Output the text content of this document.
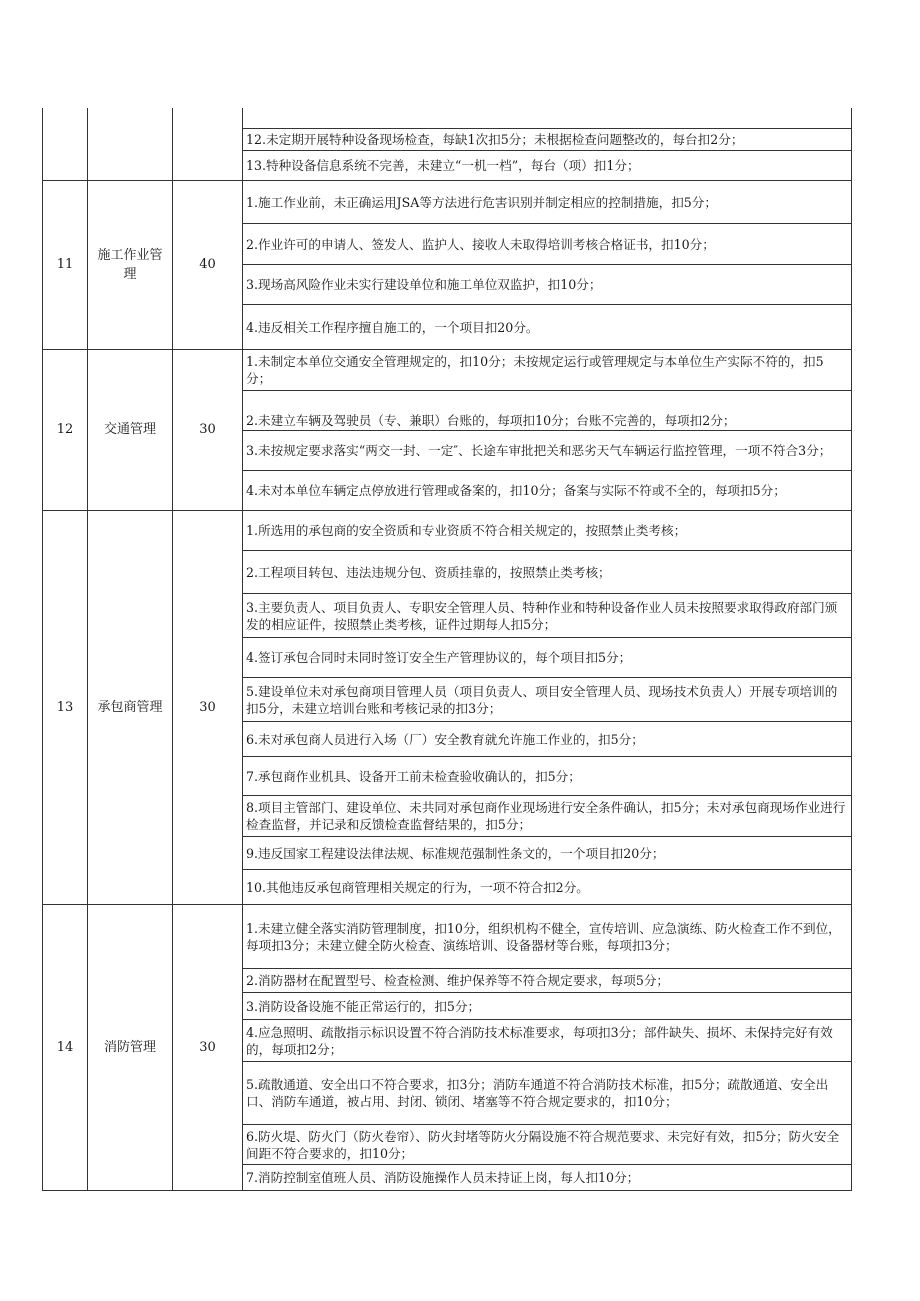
			12.未定期开展特种设备现场检查，每缺1次扣5分；未根据检查问题整改的，每台扣2分；
			13.特种设备信息系统不完善，未建立“一机一档”，每台（项）扣1分；
11	施工作业管理	40	1.施工作业前，未正确运用JSA等方法进行危害识别并制定相应的控制措施，扣5分；
			2.作业许可的申请人、签发人、监护人、接收人未取得培训考核合格证书，扣10分；
			3.现场高风险作业未实行建设单位和施工单位双监护，扣10分；
			4.违反相关工作程序擅自施工的，一个项目扣20分。
12	交通管理	30	1.未制定本单位交通安全管理规定的，扣10分；未按规定运行或管理规定与本单位生产实际不符的，扣5分；
			2.未建立车辆及驾驶员（专、兼职）台账的，每项扣10分；台账不完善的，每项扣2分；
			3.未按规定要求落实“两交一封、一定″、长途车审批把关和恶劣天气车辆运行监控管理，一项不符合3分；
			4.未对本单位车辆定点停放进行管理或备案的，扣10分；备案与实际不符或不全的，每项扣5分；
13	承包商管理	30	1.所选用的承包商的安全资质和专业资质不符合相关规定的，按照禁止类考核；
			2.工程项目转包、违法违规分包、资质挂靠的，按照禁止类考核；
			3.主要负责人、项目负责人、专职安全管理人员、特种作业和特种设备作业人员未按照要求取得政府部门颁发的相应证件，按照禁止类考核，证件过期每人扣5分；
			4.签订承包合同时未同时签订安全生产管理协议的，每个项目扣5分；
			5.建设单位未对承包商项目管理人员（项目负责人、项目安全管理人员、现场技术负责人）开展专项培训的扣5分，未建立培训台账和考核记录的扣3分；
			6.未对承包商人员进行入场（厂）安全教育就允许施工作业的，扣5分；
			7.承包商作业机具、设备开工前未检查验收确认的，扣5分；
			8.项目主管部门、建设单位、未共同对承包商作业现场进行安全条件确认，扣5分；未对承包商现场作业进行检查监督，并记录和反馈检查监督结果的，扣5分；
			9.违反国家工程建设法律法规、标准规范强制性条文的，一个项目扣20分；
			10.其他违反承包商管理相关规定的行为，一项不符合扣2分。
14	消防管理	30	1.未建立健全落实消防管理制度，扣10分，组织机构不健全，宣传培训、应急演练、防火检查工作不到位，每项扣3分；未建立健全防火检查、演练培训、设备器材等台账，每项扣3分；
			2.消防器材在配置型号、检查检测、维护保养等不符合规定要求，每项5分；
			3.消防设备设施不能正常运行的，扣5分；
			4.应急照明、疏散指示标识设置不符合消防技术标准要求，每项扣3分；部件缺失、损坏、未保持完好有效的，每项扣2分；
			5.疏散通道、安全出口不符合要求，扣3分；消防车通道不符合消防技术标准，扣5分；疏散通道、安全出口、消防车通道，被占用、封闭、锁闭、堵塞等不符合规定要求的，扣10分；
			6.防火堤、防火门（防火卷帘）、防火封堵等防火分隔设施不符合规范要求、未完好有效，扣5分；防火安全间距不符合要求的，扣10分；
			7.消防控制室值班人员、消防设施操作人员未持证上岗，每人扣10分；
